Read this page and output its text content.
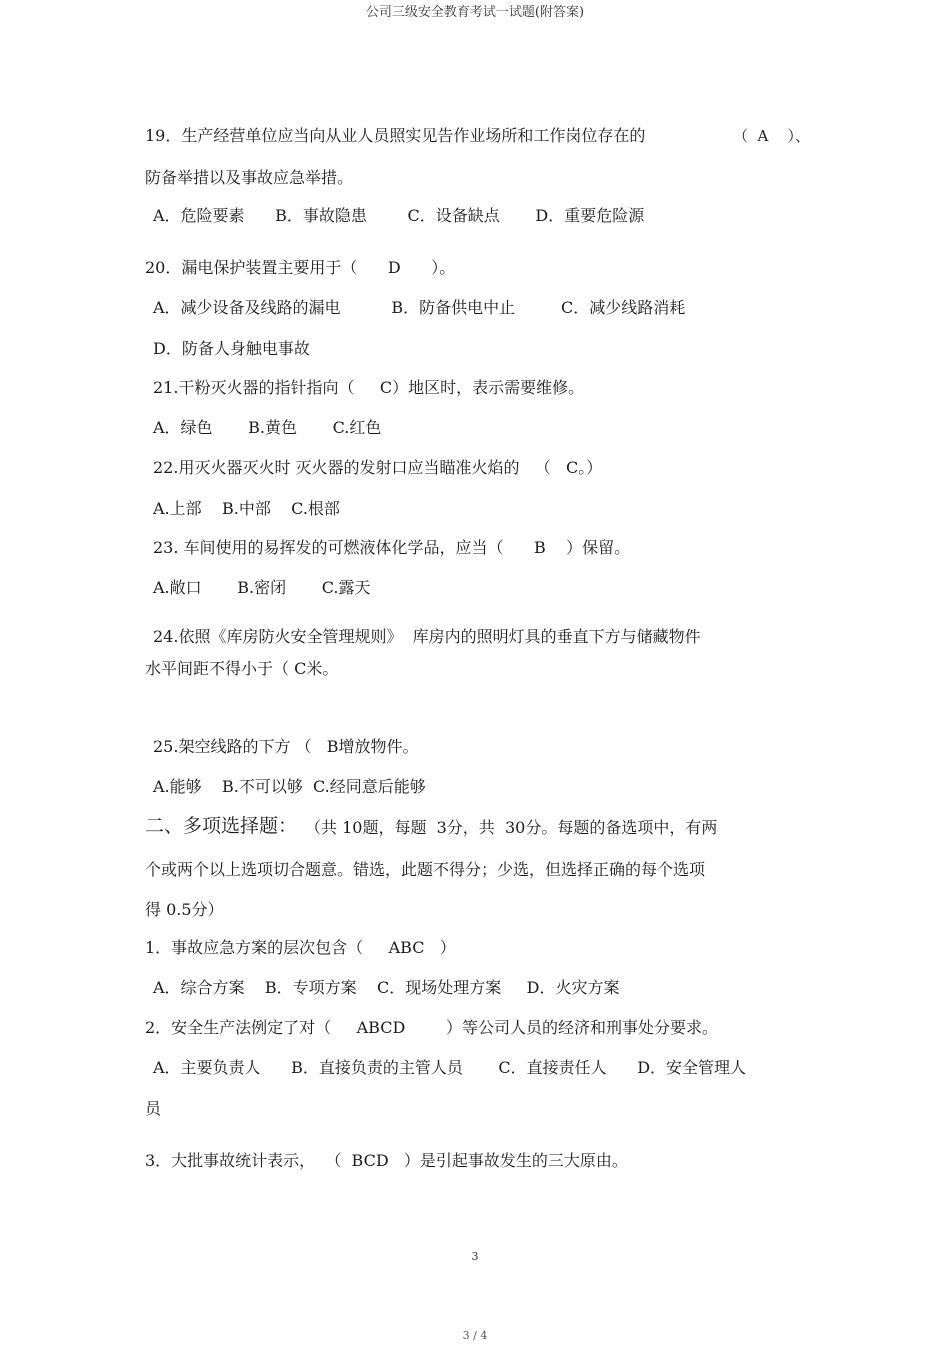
公司三级安全教育考试一试题(附答案)
19．生产经营单位应当向从业人员照实见告作业场所和工作岗位存在的	（  A    ）、
防备举措以及事故应急举措。
A．危险要素      B．事故隐患        C．设备缺点       D．重要危险源
20．漏电保护装置主要用于（      D      ）。
A．减少设备及线路的漏电          B．防备供电中止         C．减少线路消耗
D．防备人身触电事故
21.干粉灭火器的指针指向（     C）地区时，表示需要维修。
A．绿色       B.黄色       C.红色
22.用灭火器灭火时 灭火器的发射口应当瞄准火焰的   （   C。）
A.上部    B.中部    C.根部
23. 车间使用的易挥发的可燃液体化学品，应当（      B    ）保留。
A.敞口       B.密闭       C.露天
24.依照《库房防火安全管理规则》  库房内的照明灯具的垂直下方与储藏物件
水平间距不得小于（ C米。
25.架空线路的下方 （   B增放物件。
A.能够    B.不可以够  C.经同意后能够
二、多项选择题： （共 10题，每题  3分，共  30分。每题的备选项中，有两
个或两个以上选项切合题意。错选，此题不得分；少选，但选择正确的每个选项
得 0.5分）
1．事故应急方案的层次包含（     ABC   ）
A．综合方案    B．专项方案    C．现场处理方案     D．火灾方案
2．安全生产法例定了对（     ABCD        ）等公司人员的经济和刑事处分要求。
A．主要负责人      B．直接负责的主管人员       C．直接责任人      D．安全管理人
员
3．大批事故统计表示，  （  BCD   ）是引起事故发生的三大原由。
3
3 / 4
